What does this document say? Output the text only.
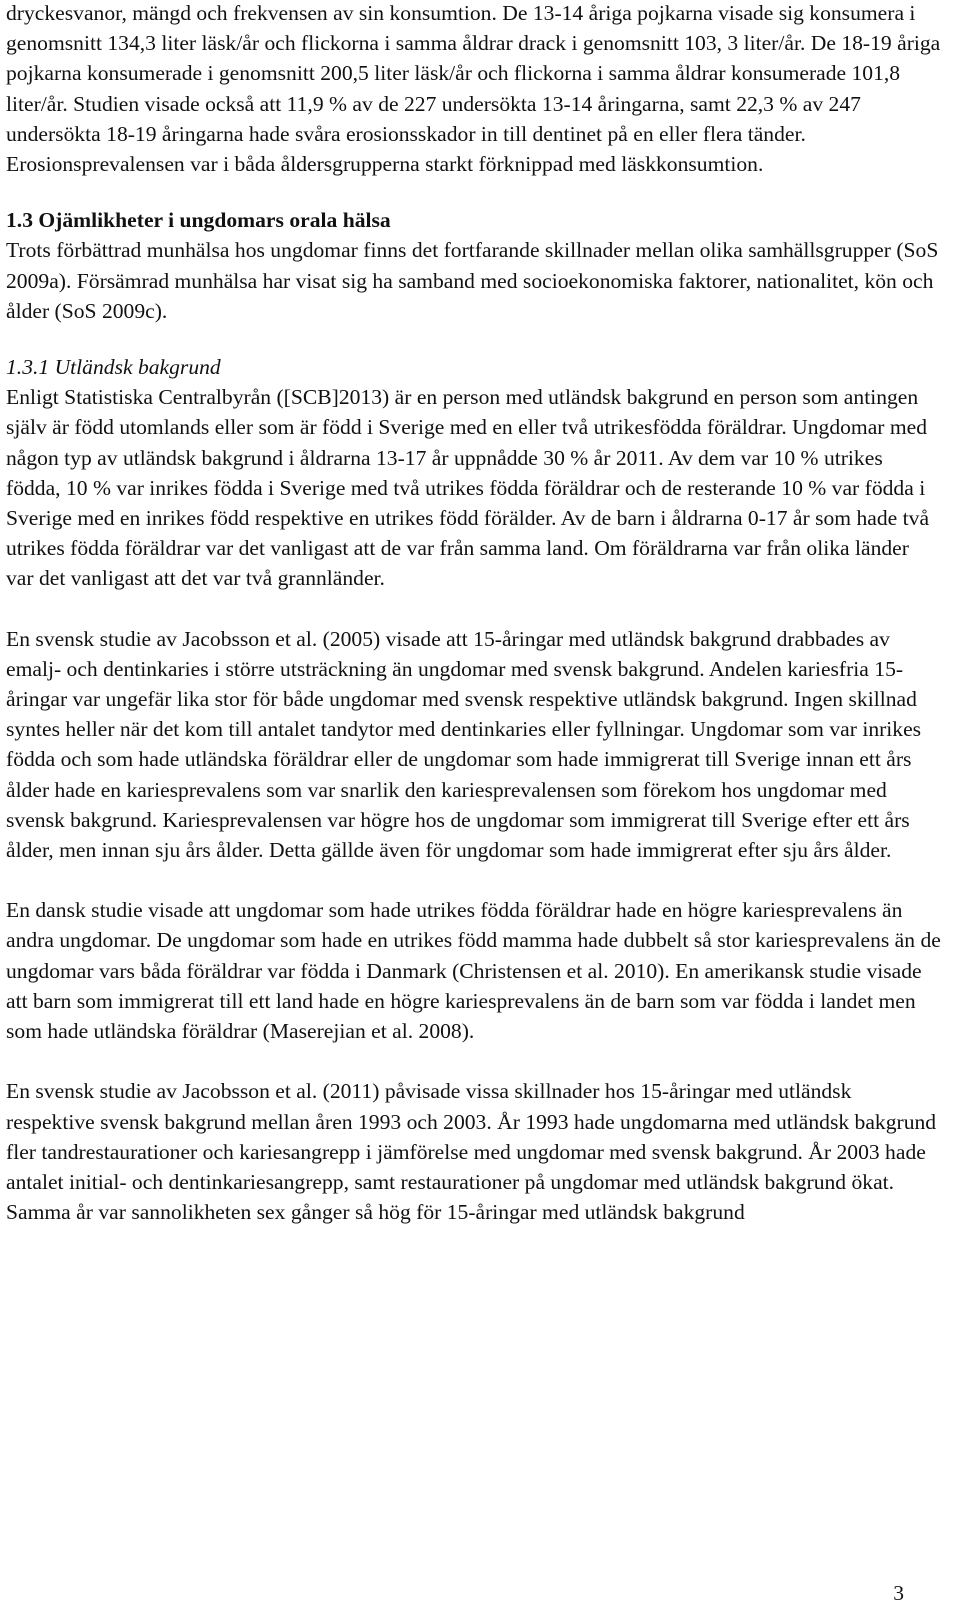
dryckesvanor, mängd och frekvensen av sin konsumtion. De 13-14 åriga pojkarna visade sig konsumera i genomsnitt 134,3 liter läsk/år och flickorna i samma åldrar drack i genomsnitt 103, 3 liter/år. De 18-19 åriga pojkarna konsumerade i genomsnitt 200,5 liter läsk/år och flickorna i samma åldrar konsumerade 101,8 liter/år. Studien visade också att 11,9 % av de 227 undersökta 13-14 åringarna, samt 22,3 % av 247 undersökta 18-19 åringarna hade svåra erosionsskador in till dentinet på en eller flera tänder. Erosionsprevalensen var i båda åldersgrupperna starkt förknippad med läskkonsumtion.

1.3 Ojämlikheter i ungdomars orala hälsa

Trots förbättrad munhälsa hos ungdomar finns det fortfarande skillnader mellan olika samhällsgrupper (SoS 2009a). Försämrad munhälsa har visat sig ha samband med socioekonomiska faktorer, nationalitet, kön och ålder (SoS 2009c).

1.3.1 Utländsk bakgrund

Enligt Statistiska Centralbyrån ([SCB]2013) är en person med utländsk bakgrund en person som antingen själv är född utomlands eller som är född i Sverige med en eller två utrikesfödda föräldrar. Ungdomar med någon typ av utländsk bakgrund i åldrarna 13-17 år uppnådde 30 % år 2011. Av dem var 10 % utrikes födda, 10 % var inrikes födda i Sverige med två utrikes födda föräldrar och de resterande 10 % var födda i Sverige med en inrikes född respektive en utrikes född förälder. Av de barn i åldrarna 0-17 år som hade två utrikes födda föräldrar var det vanligast att de var från samma land. Om föräldrarna var från olika länder var det vanligast att det var två grannländer.

En svensk studie av Jacobsson et al. (2005) visade att 15-åringar med utländsk bakgrund drabbades av emalj- och dentinkaries i större utsträckning än ungdomar med svensk bakgrund. Andelen kariesfria 15-åringar var ungefär lika stor för både ungdomar med svensk respektive utländsk bakgrund. Ingen skillnad syntes heller när det kom till antalet tandytor med dentinkaries eller fyllningar. Ungdomar som var inrikes födda och som hade utländska föräldrar eller de ungdomar som hade immigrerat till Sverige innan ett års ålder hade en kariesprevalens som var snarlik den kariesprevalensen som förekom hos ungdomar med svensk bakgrund. Kariesprevalensen var högre hos de ungdomar som immigrerat till Sverige efter ett års ålder, men innan sju års ålder. Detta gällde även för ungdomar som hade immigrerat efter sju års ålder.

En dansk studie visade att ungdomar som hade utrikes födda föräldrar hade en högre kariesprevalens än andra ungdomar. De ungdomar som hade en utrikes född mamma hade dubbelt så stor kariesprevalens än de ungdomar vars båda föräldrar var födda i Danmark (Christensen et al. 2010). En amerikansk studie visade att barn som immigrerat till ett land hade en högre kariesprevalens än de barn som var födda i landet men som hade utländska föräldrar (Maserejian et al. 2008).

En svensk studie av Jacobsson et al. (2011) påvisade vissa skillnader hos 15-åringar med utländsk respektive svensk bakgrund mellan åren 1993 och 2003. År 1993 hade ungdomarna med utländsk bakgrund fler tandrestaurationer och kariesangrepp i jämförelse med ungdomar med svensk bakgrund. År 2003 hade antalet initial- och dentinkariesangrepp, samt restaurationer på ungdomar med utländsk bakgrund ökat. Samma år var sannolikheten sex gånger så hög för 15-åringar med utländsk bakgrund

3
